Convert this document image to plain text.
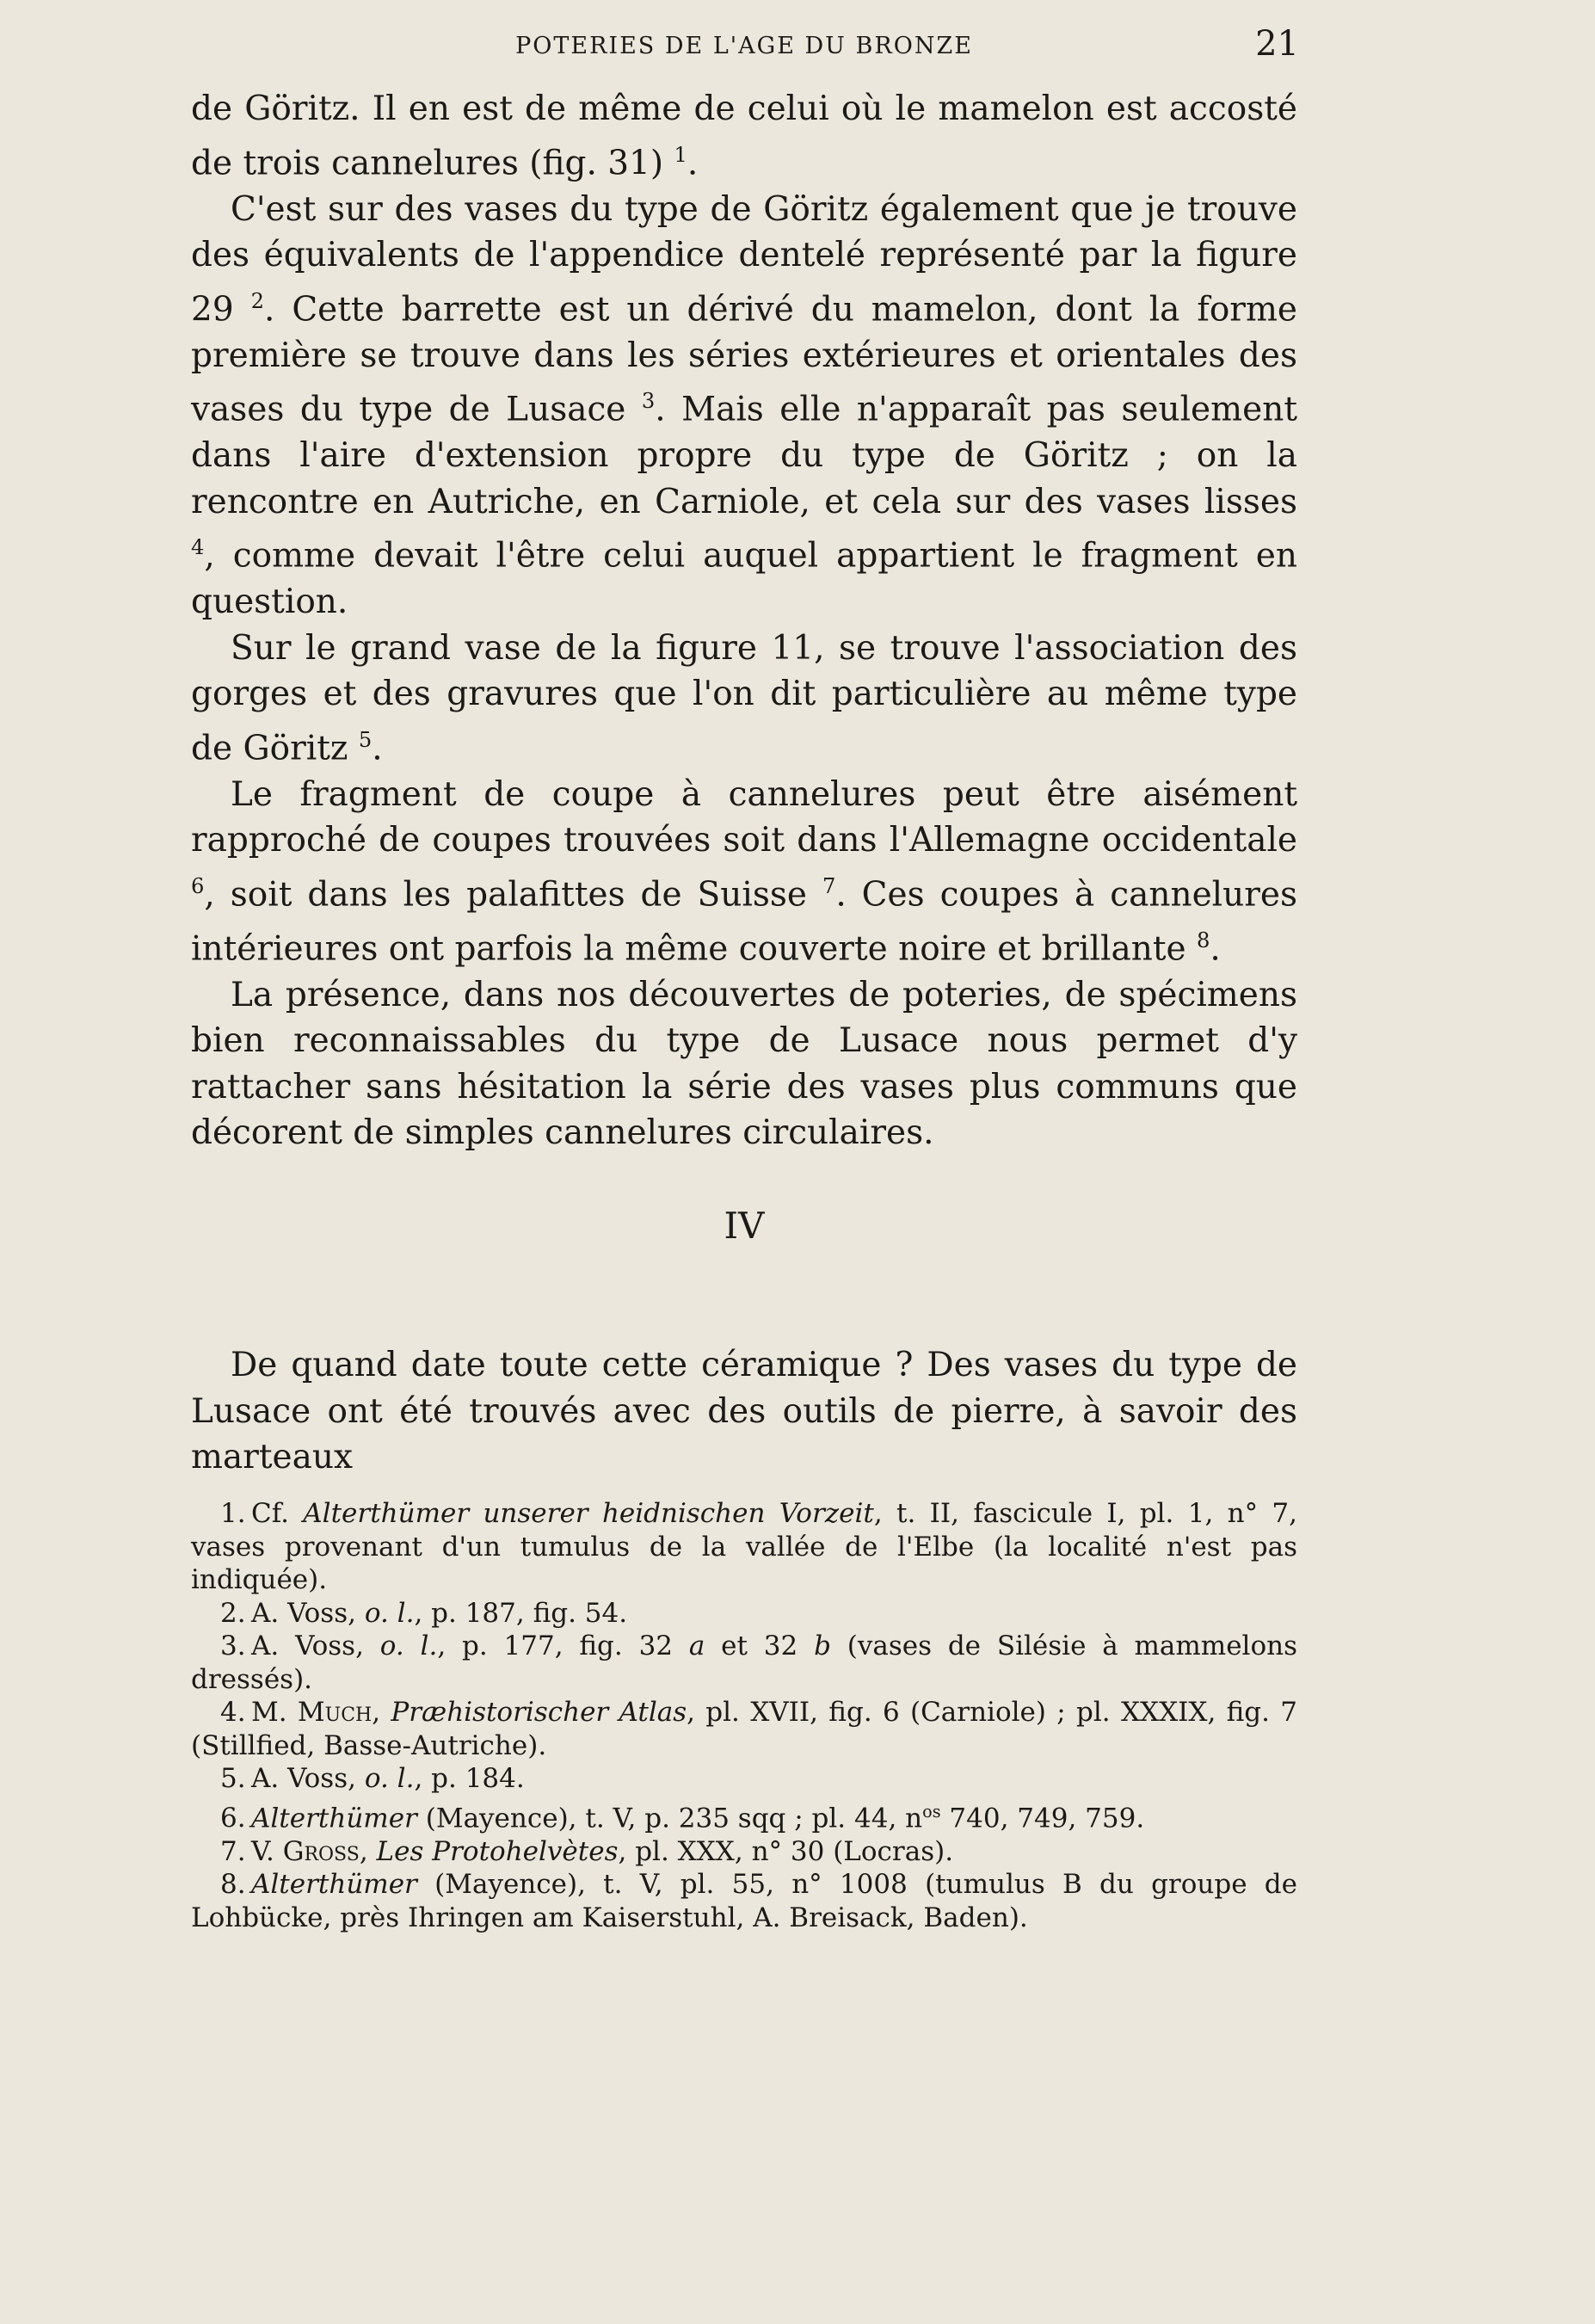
POTERIES DE L'AGE DU BRONZE	21

de Göritz. Il en est de même de celui où le mamelon est accosté de trois cannelures (fig. 31) $^1$.

C'est sur des vases du type de Göritz également que je trouve des équivalents de l'appendice dentelé représenté par la figure 29 $^2$. Cette barrette est un dérivé du mamelon, dont la forme première se trouve dans les séries extérieures et orientales des vases du type de Lusace $^3$. Mais elle n'apparaît pas seulement dans l'aire d'extension propre du type de Göritz ; on la rencontre en Autriche, en Carniole, et cela sur des vases lisses $^4$, comme devait l'être celui auquel appartient le fragment en question.

Sur le grand vase de la figure 11, se trouve l'association des gorges et des gravures que l'on dit particulière au même type de Göritz $^5$.

Le fragment de coupe à cannelures peut être aisément rapproché de coupes trouvées soit dans l'Allemagne occidentale $^6$, soit dans les palafittes de Suisse $^7$. Ces coupes à cannelures intérieures ont parfois la même couverte noire et brillante $^8$.

La présence, dans nos découvertes de poteries, de spécimens bien reconnaissables du type de Lusace nous permet d'y rattacher sans hésitation la série des vases plus communs que décorent de simples cannelures circulaires.

IV

De quand date toute cette céramique ? Des vases du type de Lusace ont été trouvés avec des outils de pierre, à savoir des marteaux

1. Cf. Alterthümer unserer heidnischen Vorzeit, t. II, fascicule I, pl. 1, n° 7, vases provenant d'un tumulus de la vallée de l'Elbe (la localité n'est pas indiquée).

2. A. Voss, o. l., p. 187, fig. 54.

3. A. Voss, o. l., p. 177, fig. 32 a et 32 b (vases de Silésie à mammelons dressés).

4. M. Much, Præhistorischer Atlas, pl. XVII, fig. 6 (Carniole) ; pl. XXXIX, fig. 7 (Stillfied, Basse-Autriche).

5. A. Voss, o. l., p. 184.

6. Alterthümer (Mayence), t. V, p. 235 sqq ; pl. 44, $n^{os}$ 740, 749, 759.

7. V. Gross, Les Protohelvètes, pl. XXX, n° 30 (Locras).

8. Alterthümer (Mayence), t. V, pl. 55, n° 1008 (tumulus B du groupe de Lohbücke, près Ihringen am Kaiserstuhl, A. Breisack, Baden).
